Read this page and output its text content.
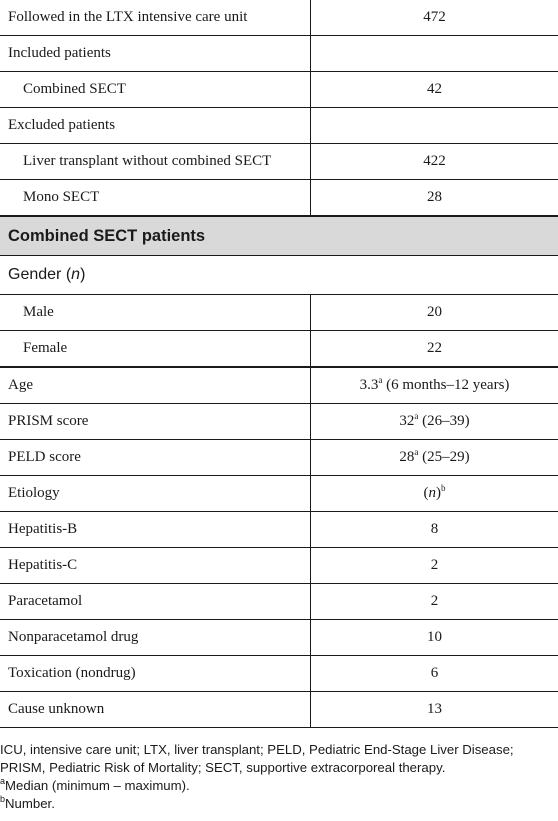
Followed in the LTX intensive care unit	472
Included patients	
Combined SECT	42
Excluded patients	
Liver transplant without combined SECT	422
Mono SECT	28
Combined SECT patients	
Gender (n)	
Male	20
Female	22
Age	3.3$^a$ (6 months–12 years)
PRISM score	32$^a$ (26–39)
PELD score	28$^a$ (25–29)
Etiology	$(n)^b$
Hepatitis-B	8
Hepatitis-C	2
Paracetamol	2
Nonparacetamol drug	10
Toxication (nondrug)	6
Cause unknown	13
ICU, intensive care unit; LTX, liver transplant; PELD, Pediatric End-Stage Liver Disease;
PRISM, Pediatric Risk of Mortality; SECT, supportive extracorporeal therapy.
$^a$Median (minimum – maximum).
$^b$Number.
